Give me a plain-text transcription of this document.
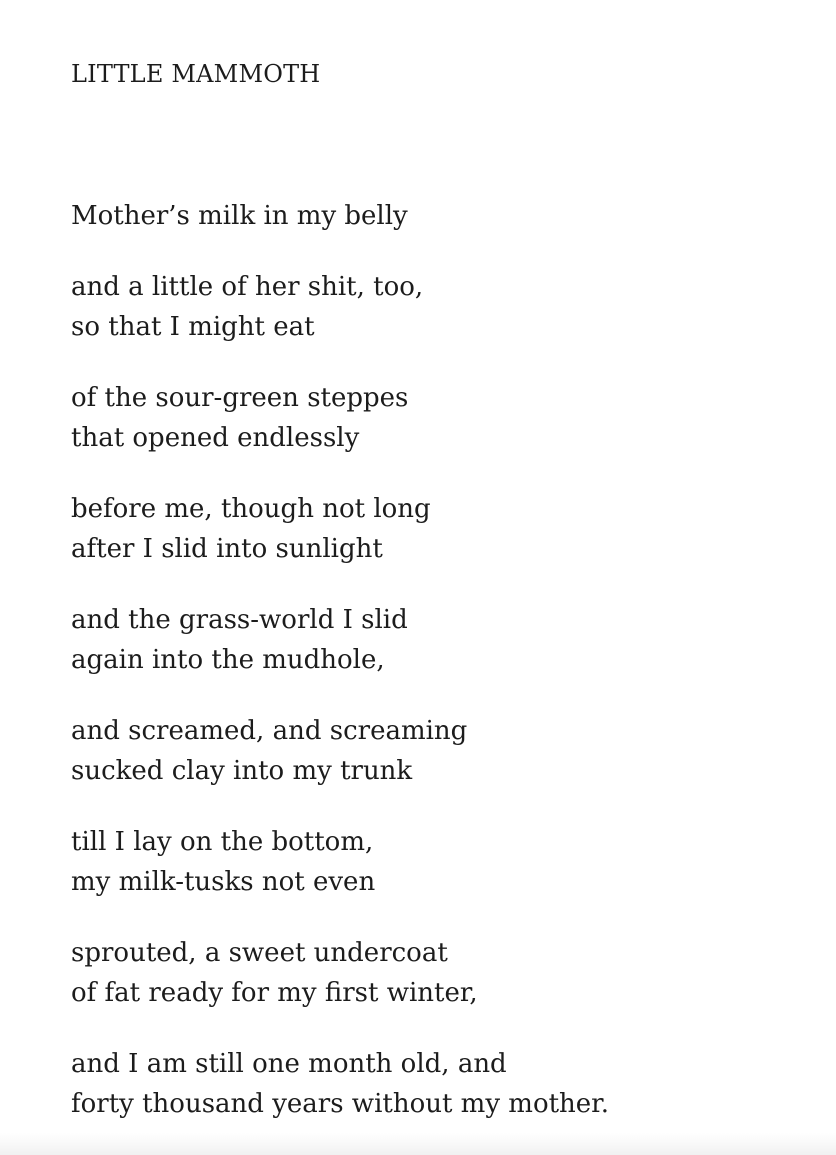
LITTLE MAMMOTH
Mother’s milk in my belly
and a little of her shit, too,
so that I might eat
of the sour-green steppes
that opened endlessly
before me, though not long
after I slid into sunlight
and the grass-world I slid
again into the mudhole,
and screamed, and screaming
sucked clay into my trunk
till I lay on the bottom,
my milk-tusks not even
sprouted, a sweet undercoat
of fat ready for my first winter,
and I am still one month old, and
forty thousand years without my mother.
